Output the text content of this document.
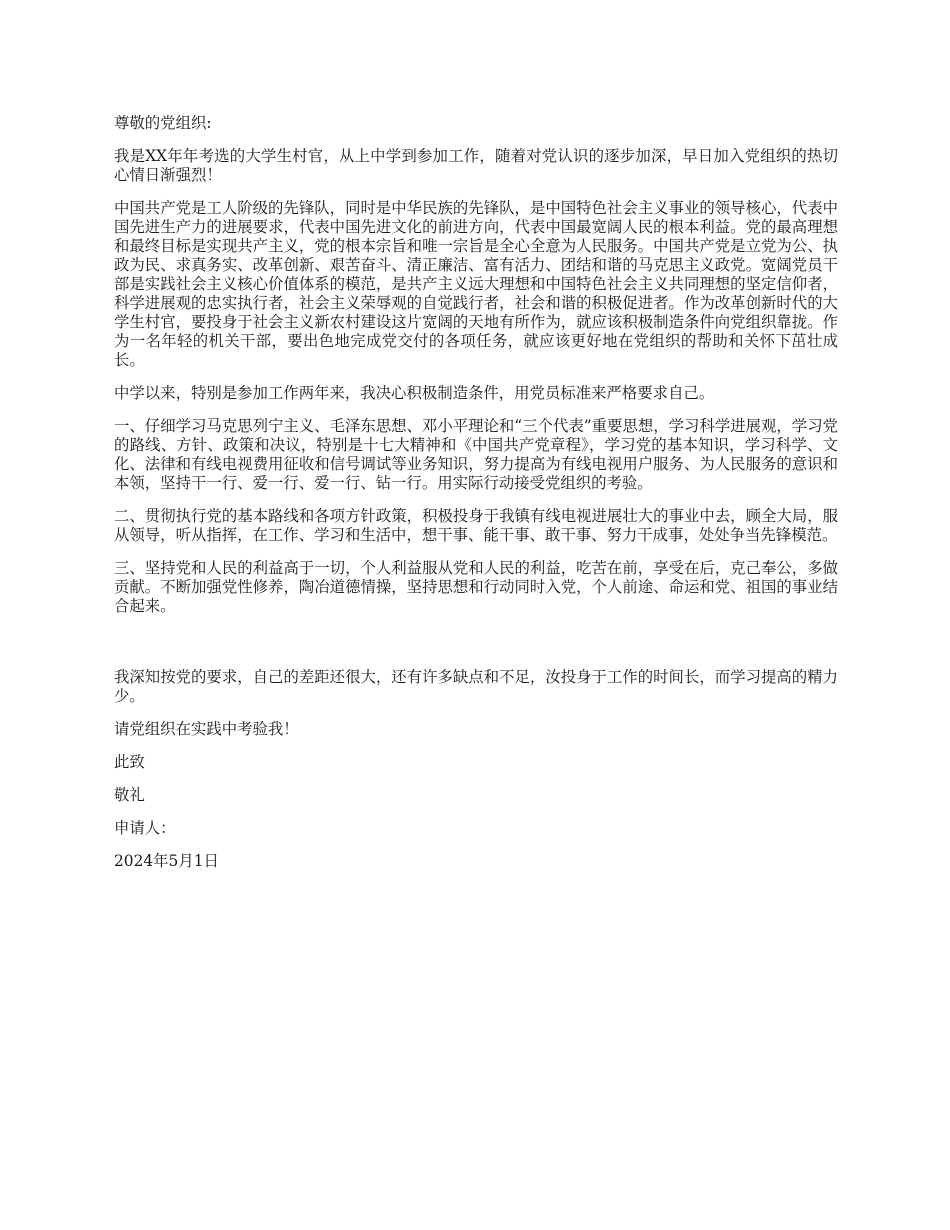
尊敬的党组织:

我是XX年年考选的大学生村官，从上中学到参加工作，随着对党认识的逐步加深，早日加入党组织的热切心情日渐强烈！

中国共产党是工人阶级的先锋队，同时是中华民族的先锋队，是中国特色社会主义事业的领导核心，代表中国先进生产力的进展要求，代表中国先进文化的前进方向，代表中国最宽阔人民的根本利益。党的最高理想和最终目标是实现共产主义，党的根本宗旨和唯一宗旨是全心全意为人民服务。中国共产党是立党为公、执政为民、求真务实、改革创新、艰苦奋斗、清正廉洁、富有活力、团结和谐的马克思主义政党。宽阔党员干部是实践社会主义核心价值体系的模范，是共产主义远大理想和中国特色社会主义共同理想的坚定信仰者，科学进展观的忠实执行者，社会主义荣辱观的自觉践行者，社会和谐的积极促进者。作为改革创新时代的大学生村官，要投身于社会主义新农村建设这片宽阔的天地有所作为，就应该积极制造条件向党组织靠拢。作为一名年轻的机关干部，要出色地完成党交付的各项任务，就应该更好地在党组织的帮助和关怀下茁壮成长。

中学以来，特别是参加工作两年来，我决心积极制造条件，用党员标准来严格要求自己。

一、仔细学习马克思列宁主义、毛泽东思想、邓小平理论和“三个代表”重要思想，学习科学进展观，学习党的路线、方针、政策和决议，特别是十七大精神和《中国共产党章程》，学习党的基本知识，学习科学、文化、法律和有线电视费用征收和信号调试等业务知识，努力提高为有线电视用户服务、为人民服务的意识和本领，坚持干一行、爱一行、爱一行、钻一行。用实际行动接受党组织的考验。

二、贯彻执行党的基本路线和各项方针政策，积极投身于我镇有线电视进展壮大的事业中去，顾全大局，服从领导，听从指挥，在工作、学习和生活中，想干事、能干事、敢干事、努力干成事，处处争当先锋模范。

三、坚持党和人民的利益高于一切，个人利益服从党和人民的利益，吃苦在前，享受在后，克己奉公，多做贡献。不断加强党性修养，陶冶道德情操，坚持思想和行动同时入党，个人前途、命运和党、祖国的事业结合起来。

我深知按党的要求，自己的差距还很大，还有许多缺点和不足，汝投身于工作的时间长，而学习提高的精力少。

请党组织在实践中考验我！

此致

敬礼

申请人：

2024年5月1日
